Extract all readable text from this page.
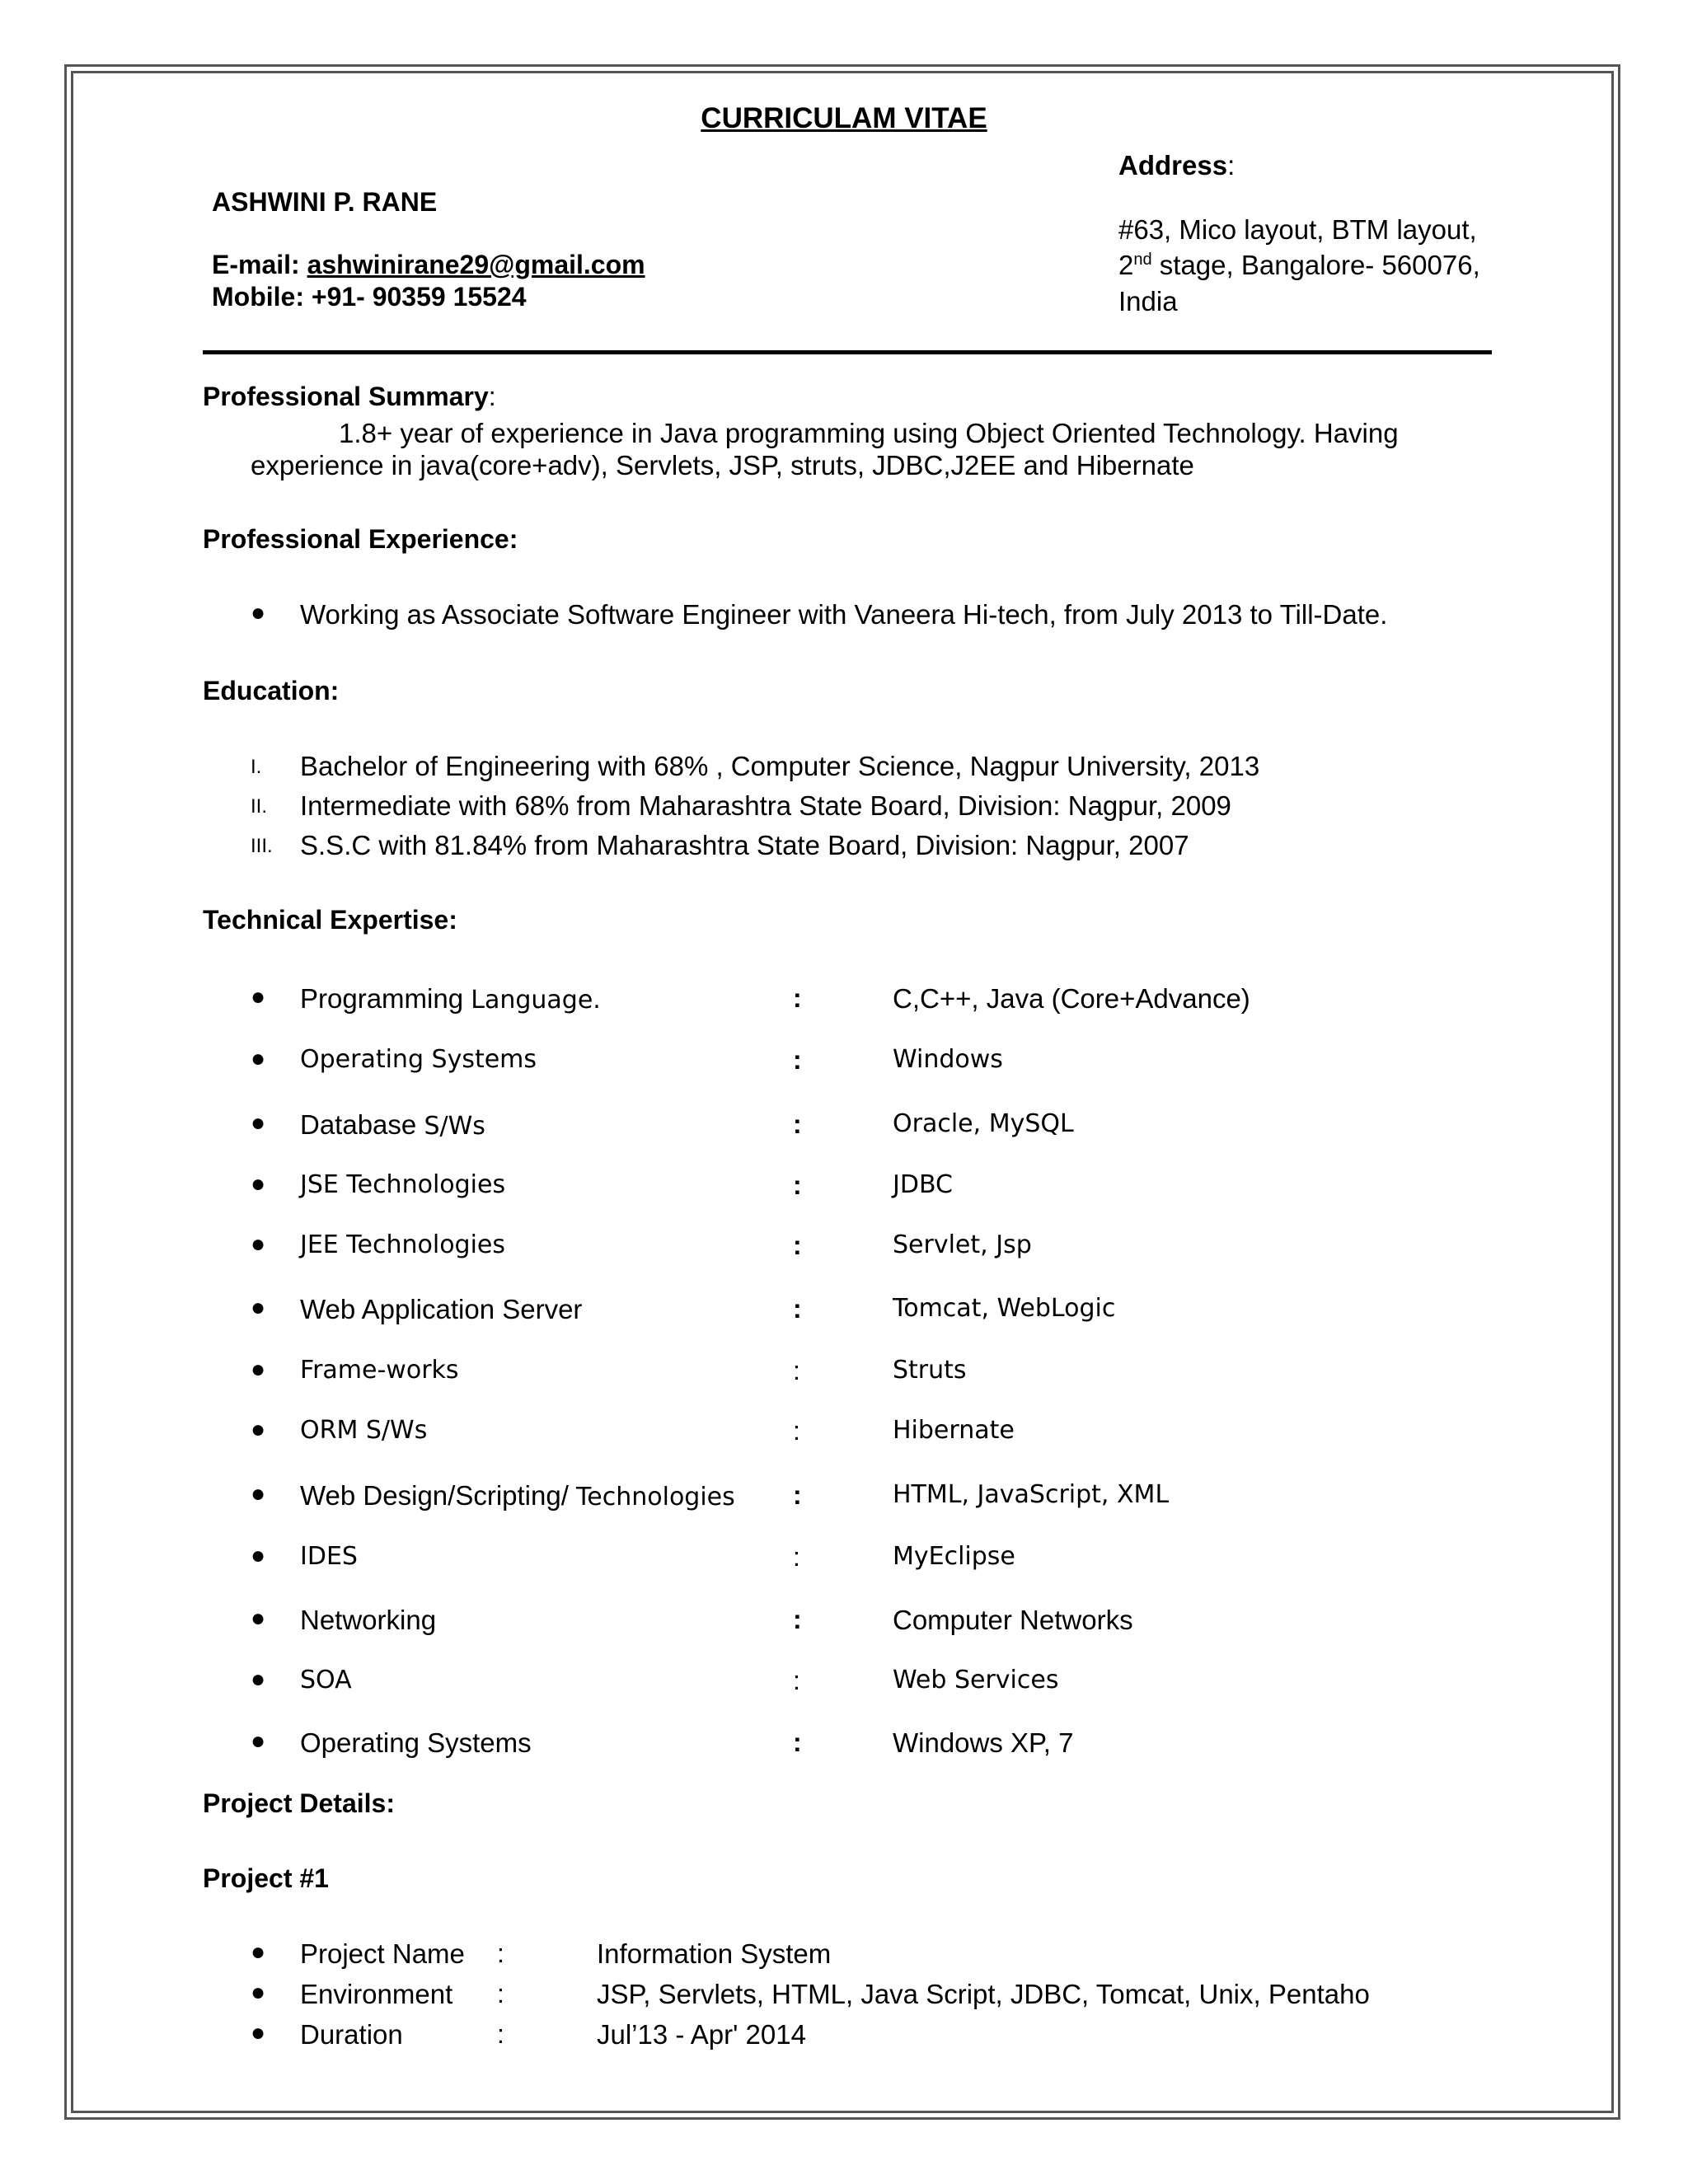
CURRICULAM VITAE
ASHWINI P. RANE
E-mail: ashwinirane29@gmail.com
Mobile: +91- 90359 15524
Address:
#63, Mico layout, BTM layout,
2nd stage, Bangalore- 560076,
India
Professional Summary:
1.8+ year of experience in Java programming using Object Oriented Technology. Having
experience in java(core+adv), Servlets, JSP, struts, JDBC,J2EE and Hibernate
Professional Experience:
● Working as Associate Software Engineer with Vaneera Hi-tech, from July 2013 to Till-Date.
Education:
I. Bachelor of Engineering with 68% , Computer Science, Nagpur University, 2013
II. Intermediate with 68% from Maharashtra State Board, Division: Nagpur, 2009
III. S.S.C with 81.84% from Maharashtra State Board, Division: Nagpur, 2007
Technical Expertise:
● Programming Language.	:	C,C++, Java (Core+Advance)
● Operating Systems	:	Windows
● Database S/Ws	:	Oracle, MySQL
● JSE Technologies	:	JDBC
● JEE Technologies	:	Servlet, Jsp
● Web Application Server	:	Tomcat, WebLogic
● Frame-works	:	Struts
● ORM S/Ws	:	Hibernate
● Web Design/Scripting/ Technologies :	HTML, JavaScript, XML
● IDES	:	MyEclipse
● Networking	:	Computer Networks
● SOA	:	Web Services
● Operating Systems	:	Windows XP, 7
Project Details:
Project #1
● Project Name :	Information System
● Environment :	JSP, Servlets, HTML, Java Script, JDBC, Tomcat, Unix, Pentaho
● Duration	:	Jul’13 - Apr' 2014
